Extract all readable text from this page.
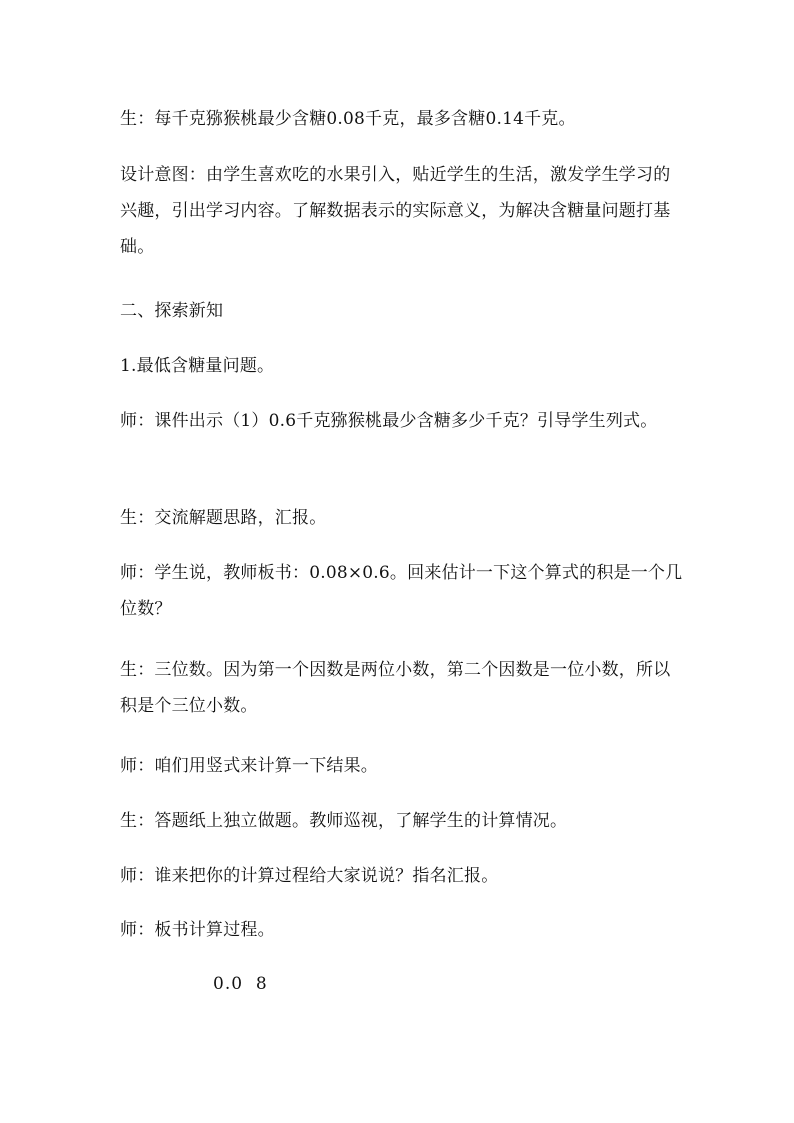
生：每千克猕猴桃最少含糖0.08千克，最多含糖0.14千克。
设计意图：由学生喜欢吃的水果引入，贴近学生的生活，激发学生学习的兴趣，引出学习内容。了解数据表示的实际意义，为解决含糖量问题打基础。
二、探索新知
1.最低含糖量问题。
师：课件出示（1）0.6千克猕猴桃最少含糖多少千克？引导学生列式。
生：交流解题思路，汇报。
师：学生说，教师板书：0.08×0.6。回来估计一下这个算式的积是一个几位数？
生：三位数。因为第一个因数是两位小数，第二个因数是一位小数，所以积是个三位小数。
师：咱们用竖式来计算一下结果。
生：答题纸上独立做题。教师巡视，了解学生的计算情况。
师：谁来把你的计算过程给大家说说？指名汇报。
师：板书计算过程。
0.0  8
